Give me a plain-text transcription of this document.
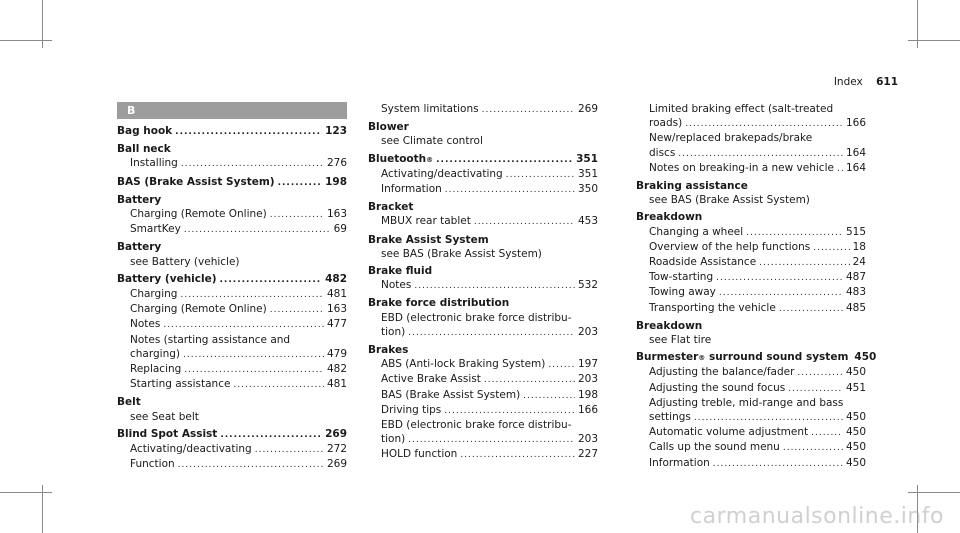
Index 611
B
Bag hook .....	123
Ball neck
Installing .....	276
BAS (Brake Assist System) .....	198
Battery
Charging (Remote Online) .....	163
SmartKey .....	69
Battery
see Battery (vehicle)
Battery (vehicle) .....	482
Charging .....	481
Charging (Remote Online) .....	163
Notes .....	477
Notes (starting assistance and
charging) .....	479
Replacing .....	482
Starting assistance .....	481
Belt
see Seat belt
Blind Spot Assist .....	269
Activating/deactivating .....	272
Function .....	269
System limitations .....	269
Blower
see Climate control
Bluetooth ® .....	351
Activating/deactivating .....	351
Information .....	350
Bracket
MBUX rear tablet .....	453
Brake Assist System
see BAS (Brake Assist System)
Brake fluid
Notes .....	532
Brake force distribution
EBD (electronic brake force distribu-
tion) .....	203
Brakes
ABS (Anti-lock Braking System) .....	197
Active Brake Assist .....	203
BAS (Brake Assist System) .....	198
Driving tips .....	166
EBD (electronic brake force distribu-
tion) .....	203
HOLD function .....	227
Limited braking effect (salt-treated
roads) .....	166
New/replaced brakepads/brake
discs .....	164
Notes on breaking-in a new vehicle ..... 164
Braking assistance
see BAS (Brake Assist System)
Breakdown
Changing a wheel .....	515
Overview of the help functions .....	18
Roadside Assistance .....	24
Tow-starting .....	487
Towing away .....	483
Transporting the vehicle .....	485
Breakdown
see Flat tire
Burmester ® surround sound system 450
Adjusting the balance/fader .....	450
Adjusting the sound focus .....	451
Adjusting treble, mid-range and bass
settings .....	450
Automatic volume adjustment .....	450
Calls up the sound menu .....	450
Information .....	450
carmanualsonline.info
